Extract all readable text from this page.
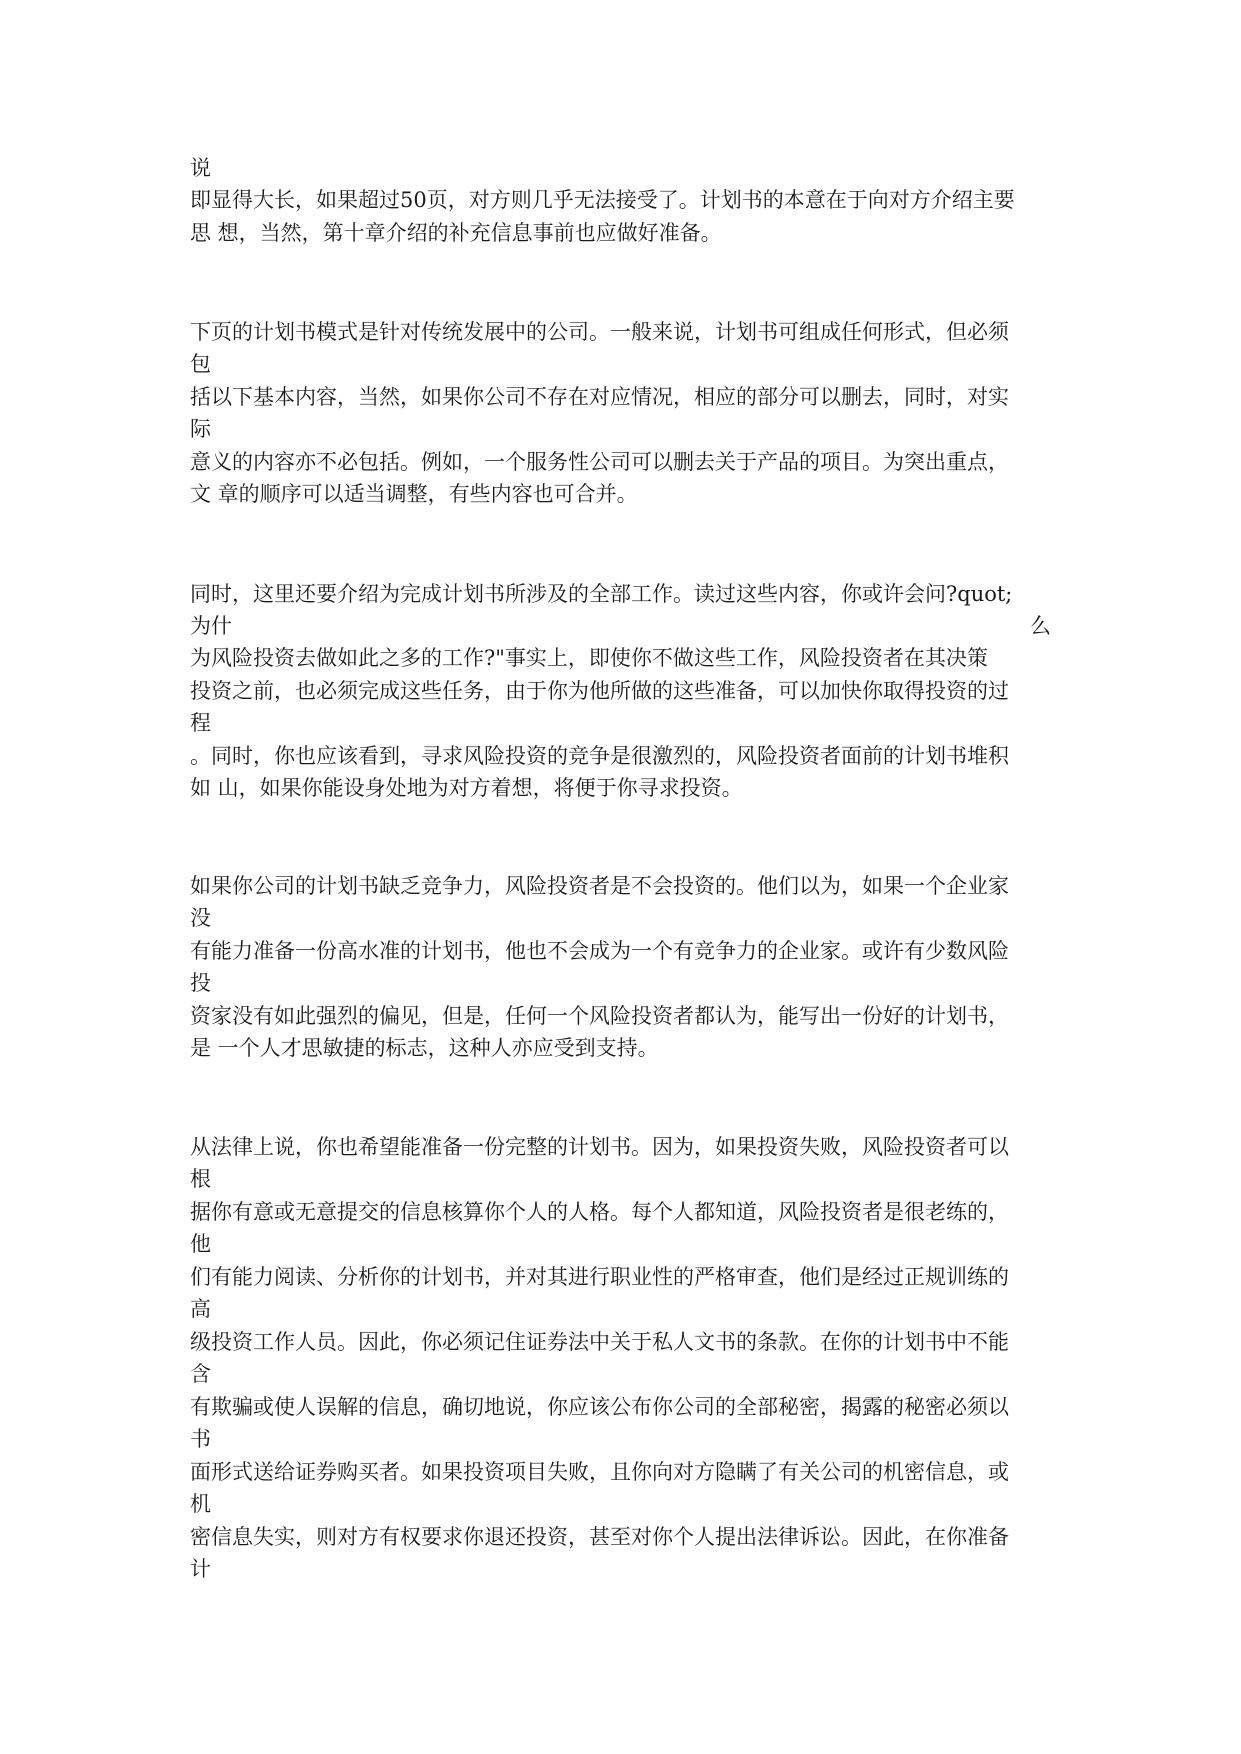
说

即显得大长，如果超过50页，对方则几乎无法接受了。计划书的本意在于向对方介绍主要

思 想，当然，第十章介绍的补充信息事前也应做好准备。

下页的计划书模式是针对传统发展中的公司。一般来说，计划书可组成任何形式，但必须

包

括以下基本内容，当然，如果你公司不存在对应情况，相应的部分可以删去，同时，对实

际

意义的内容亦不必包括。例如，一个服务性公司可以删去关于产品的项目。为突出重点，

文 章的顺序可以适当调整，有些内容也可合并。

同时，这里还要介绍为完成计划书所涉及的全部工作。读过这些内容，你或许会问?quot;

为什

	么

为风险投资去做如此之多的工作?"事实上，即使你不做这些工作，风险投资者在其决策

投资之前，也必须完成这些任务，由于你为他所做的这些准备，可以加快你取得投资的过

程

。同时，你也应该看到，寻求风险投资的竞争是很激烈的，风险投资者面前的计划书堆积

如 山，如果你能设身处地为对方着想，将便于你寻求投资。

如果你公司的计划书缺乏竞争力，风险投资者是不会投资的。他们以为，如果一个企业家

没

有能力准备一份高水准的计划书，他也不会成为一个有竞争力的企业家。或许有少数风险

投

资家没有如此强烈的偏见，但是，任何一个风险投资者都认为，能写出一份好的计划书，

是 一个人才思敏捷的标志，这种人亦应受到支持。

从法律上说，你也希望能准备一份完整的计划书。因为，如果投资失败，风险投资者可以

根

据你有意或无意提交的信息核算你个人的人格。每个人都知道，风险投资者是很老练的，

他

们有能力阅读、分析你的计划书，并对其进行职业性的严格审查，他们是经过正规训练的

高

级投资工作人员。因此，你必须记住证券法中关于私人文书的条款。在你的计划书中不能

含

有欺骗或使人误解的信息，确切地说，你应该公布你公司的全部秘密，揭露的秘密必须以

书

面形式送给证券购买者。如果投资项目失败，且你向对方隐瞒了有关公司的机密信息，或

机

密信息失实，则对方有权要求你退还投资，甚至对你个人提出法律诉讼。因此，在你准备

计
